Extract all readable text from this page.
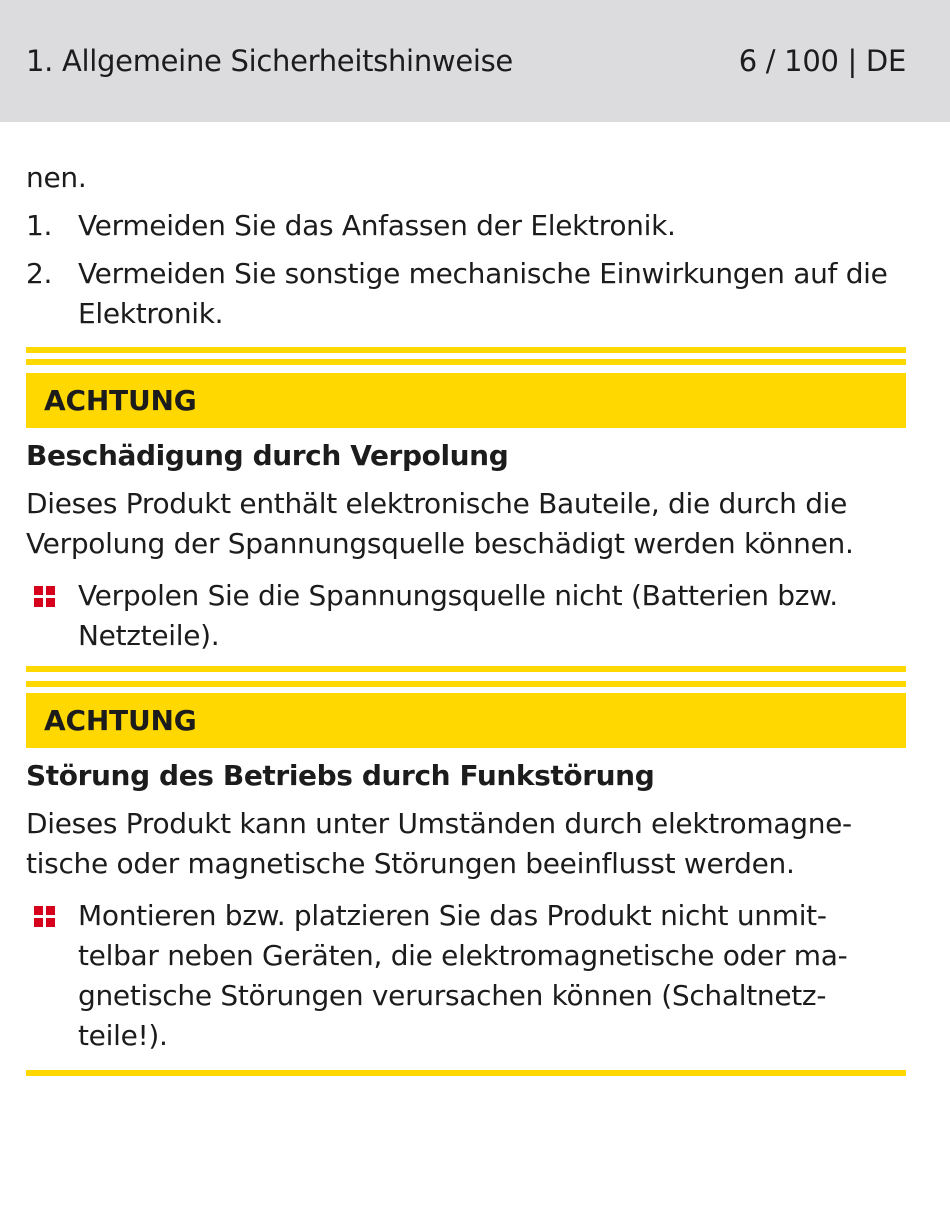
1. Allgemeine Sicherheitshinweise	6 / 100 | DE

nen.

1. Vermeiden Sie das Anfassen der Elektronik.
2. Vermeiden Sie sonstige mechanische Einwirkungen auf die Elektronik.
ACHTUNG
Beschädigung durch Verpolung

Dieses Produkt enthält elektronische Bauteile, die durch die Verpolung der Spannungsquelle beschädigt werden können.

Verpolen Sie die Spannungsquelle nicht (Batterien bzw. Netzteile).
ACHTUNG
Störung des Betriebs durch Funkstörung

Dieses Produkt kann unter Umständen durch elektromagne-tische oder magnetische Störungen beeinflusst werden.

Montieren bzw. platzieren Sie das Produkt nicht unmit-telbar neben Geräten, die elektromagnetische oder ma-gnetische Störungen verursachen können (Schaltnetz-teile!).
